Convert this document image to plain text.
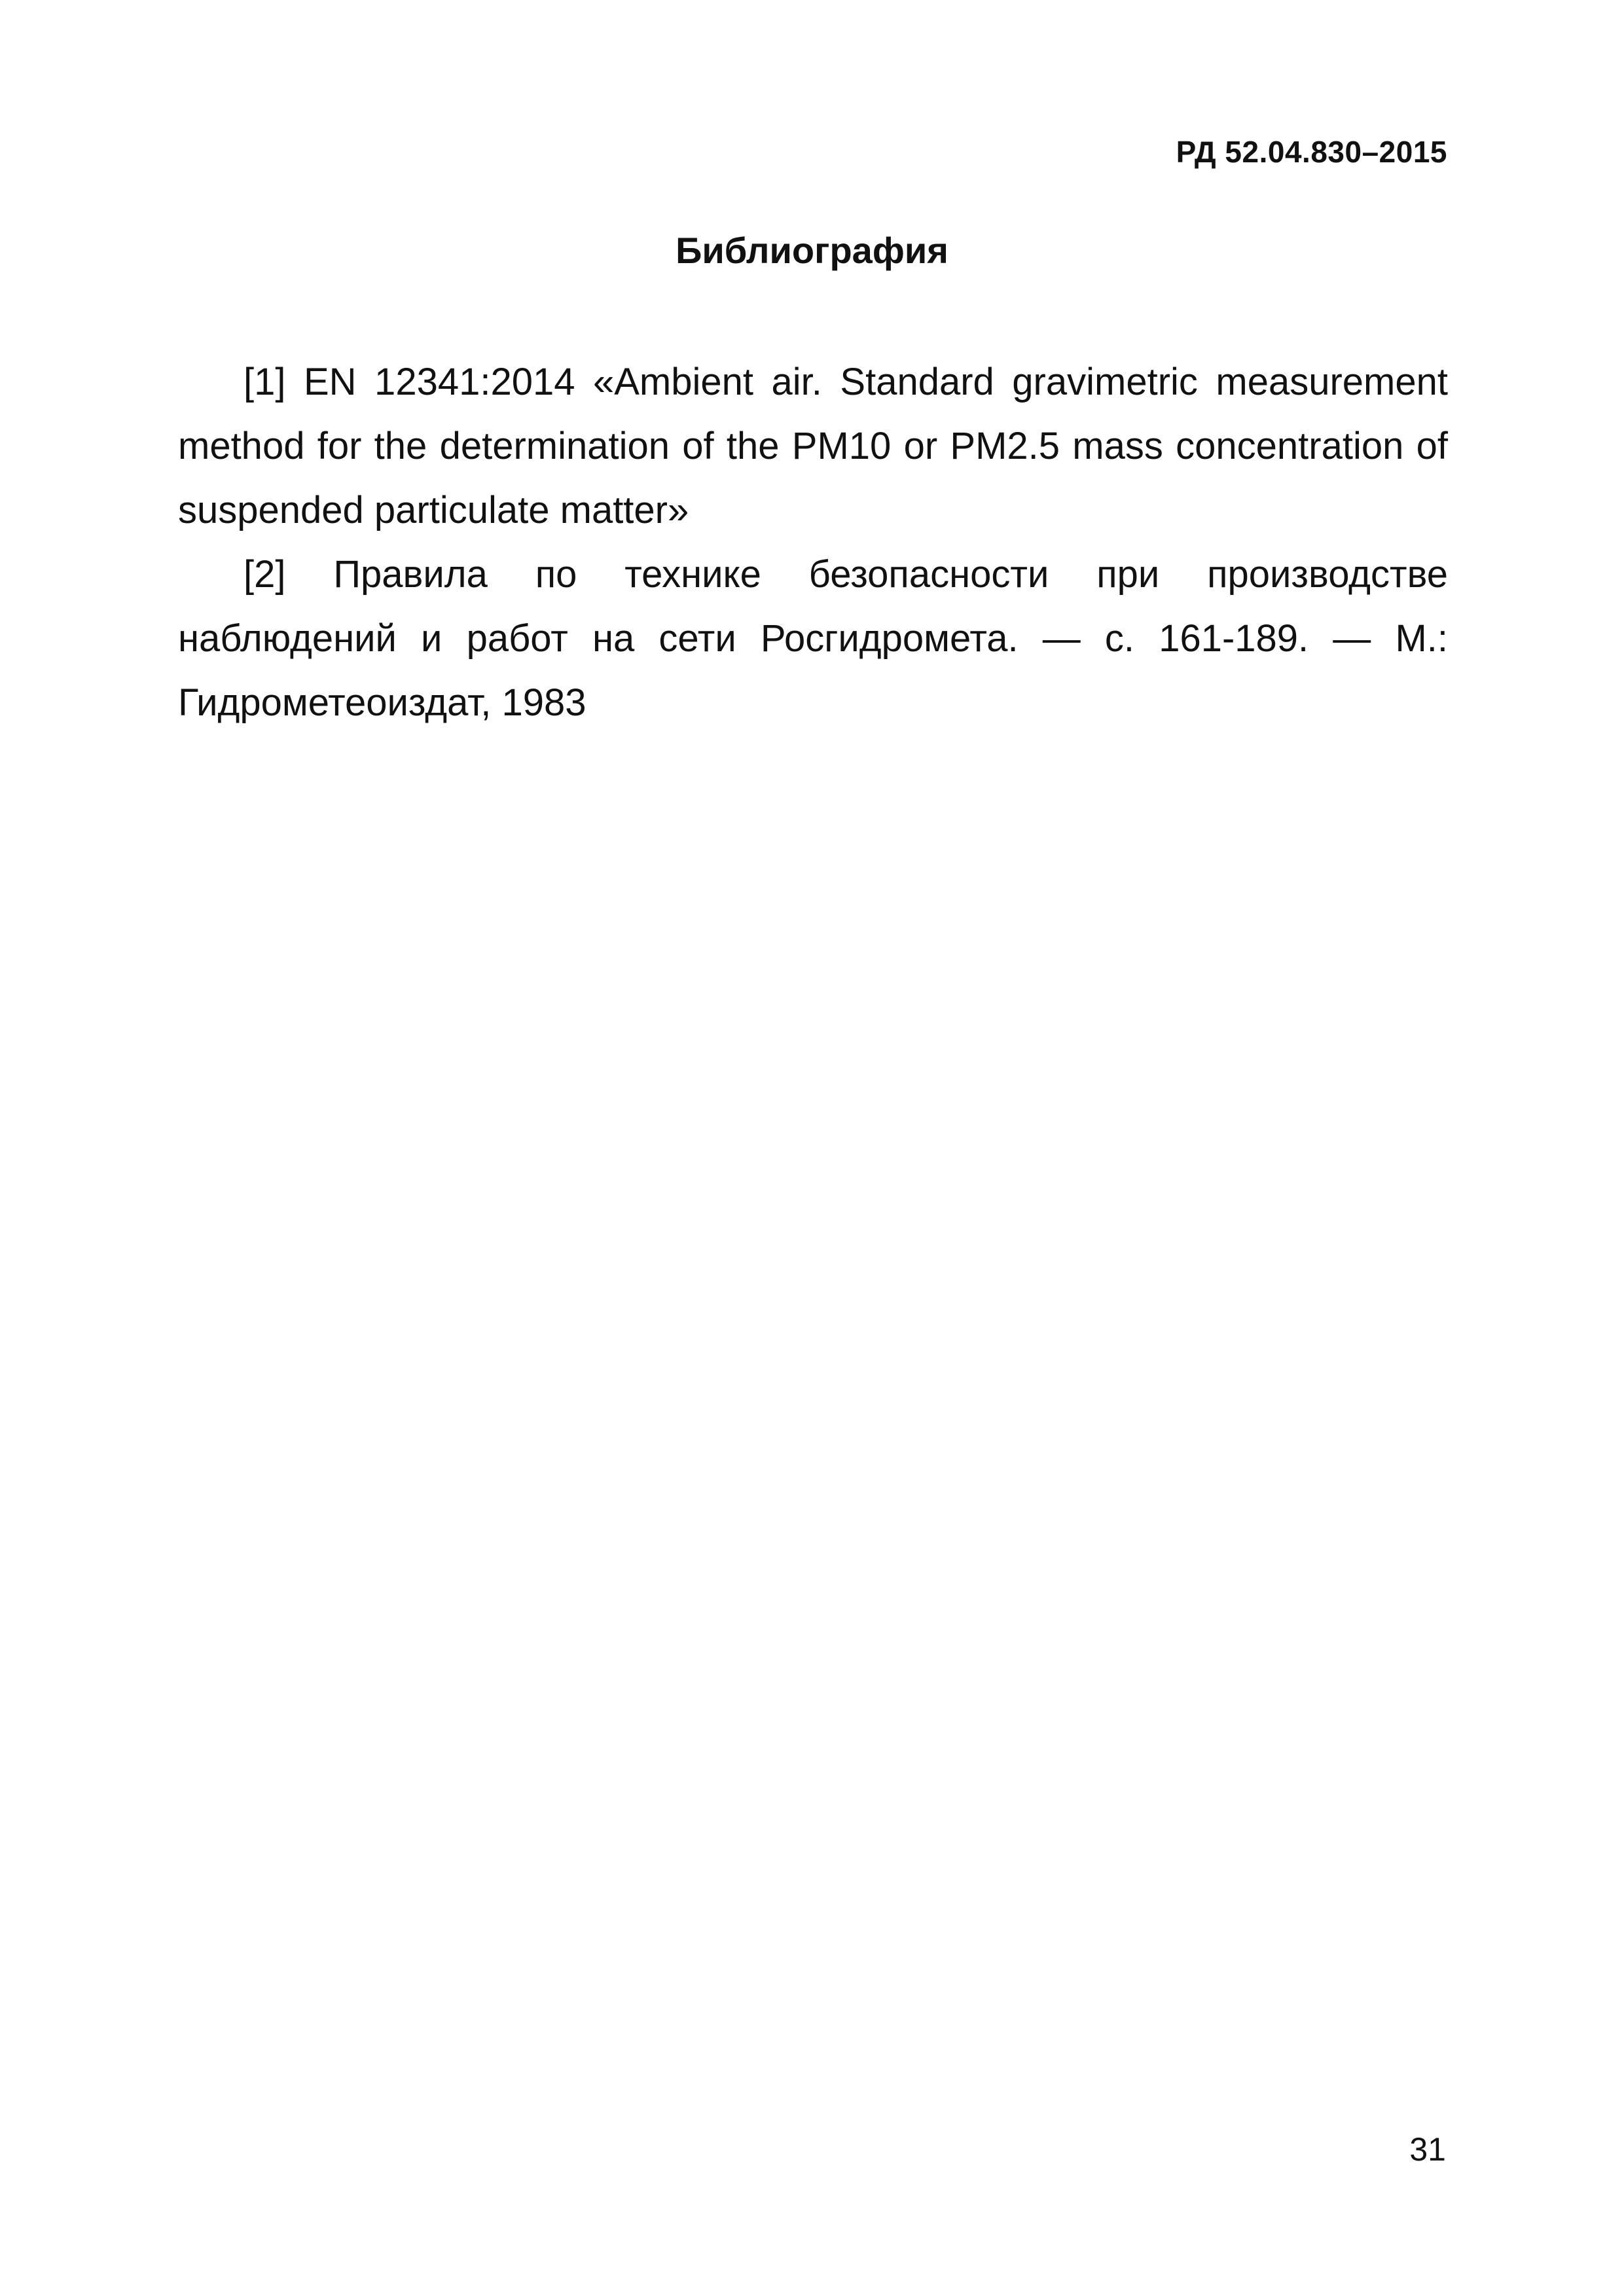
РД 52.04.830–2015

Библиография
[1] EN 12341:2014 «Ambient air. Standard gravimetric measurement method for the determination of the PM10 or PM2.5 mass concentration of suspended particulate matter»
[2] Правила по технике безопасности при производстве наблюдений и работ на сети Росгидромета. — с. 161-189. — М.: Гидрометеоиздат, 1983

31
